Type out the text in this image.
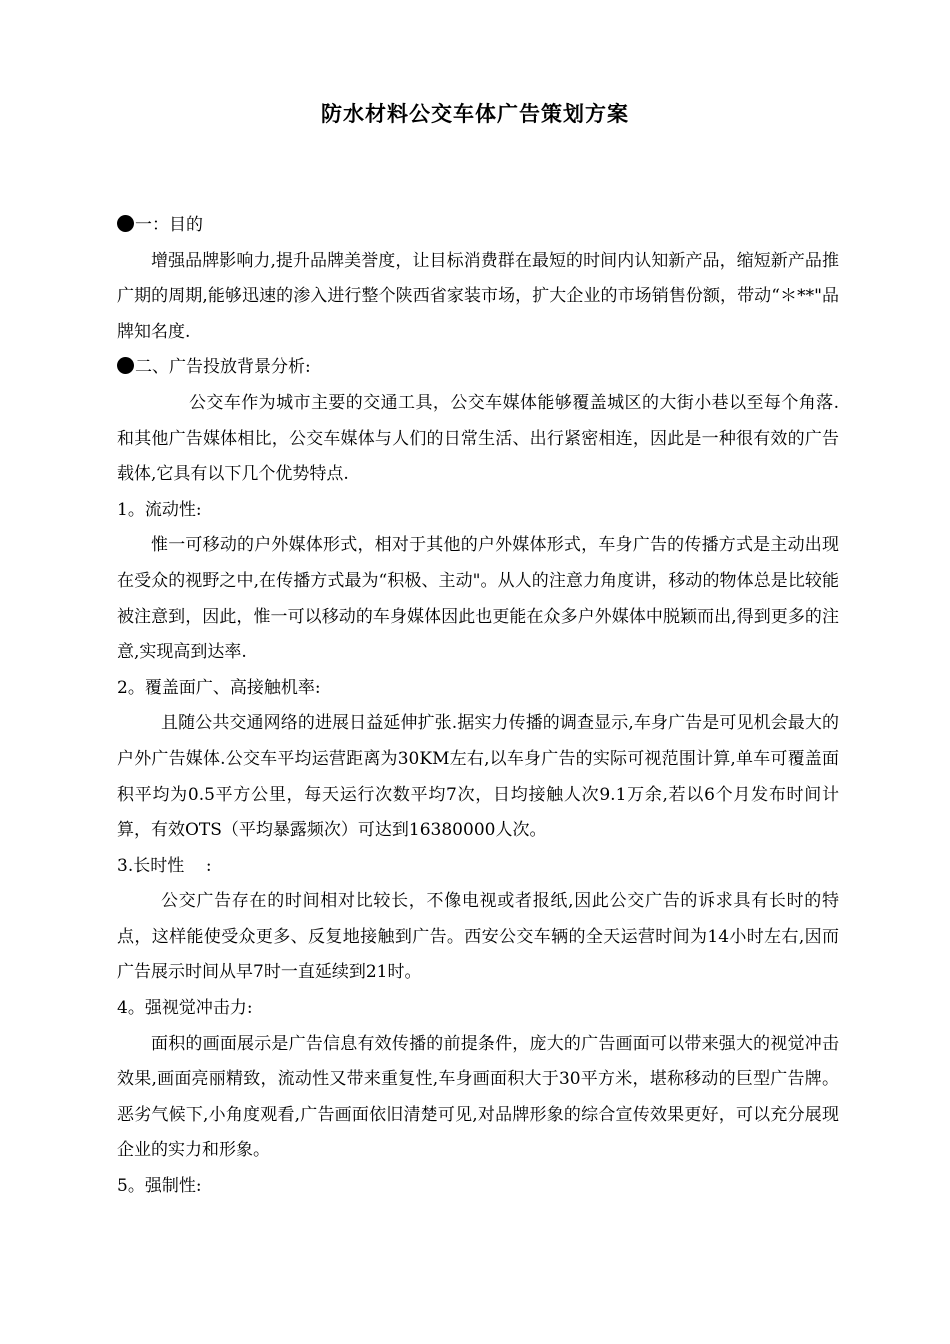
防水材料公交车体广告策划方案

一：目的

增强品牌影响力,提升品牌美誉度，让目标消费群在最短的时间内认知新产品，缩短新产品推广期的周期,能够迅速的渗入进行整个陕西省家装市场，扩大企业的市场销售份额，带动“＊**"品牌知名度.

二、广告投放背景分析:

公交车作为城市主要的交通工具，公交车媒体能够覆盖城区的大街小巷以至每个角落.和其他广告媒体相比，公交车媒体与人们的日常生活、出行紧密相连，因此是一种很有效的广告载体,它具有以下几个优势特点.

1。流动性:

惟一可移动的户外媒体形式，相对于其他的户外媒体形式，车身广告的传播方式是主动出现在受众的视野之中,在传播方式最为“积极、主动"。从人的注意力角度讲，移动的物体总是比较能被注意到，因此，惟一可以移动的车身媒体因此也更能在众多户外媒体中脱颖而出,得到更多的注意,实现高到达率.

2。覆盖面广、高接触机率:

且随公共交通网络的进展日益延伸扩张.据实力传播的调查显示,车身广告是可见机会最大的户外广告媒体.公交车平均运营距离为30KM左右,以车身广告的实际可视范围计算,单车可覆盖面积平均为0.5平方公里，每天运行次数平均7次，日均接触人次9.1万余,若以6个月发布时间计算，有效OTS（平均暴露频次）可达到16380000人次。

3.长时性    :

公交广告存在的时间相对比较长，不像电视或者报纸,因此公交广告的诉求具有长时的特点，这样能使受众更多、反复地接触到广告。西安公交车辆的全天运营时间为14小时左右,因而广告展示时间从早7时一直延续到21时。

4。强视觉冲击力:

面积的画面展示是广告信息有效传播的前提条件，庞大的广告画面可以带来强大的视觉冲击效果,画面亮丽精致，流动性又带来重复性,车身画面积大于30平方米，堪称移动的巨型广告牌。恶劣气候下,小角度观看,广告画面依旧清楚可见,对品牌形象的综合宣传效果更好，可以充分展现企业的实力和形象。

5。强制性:
